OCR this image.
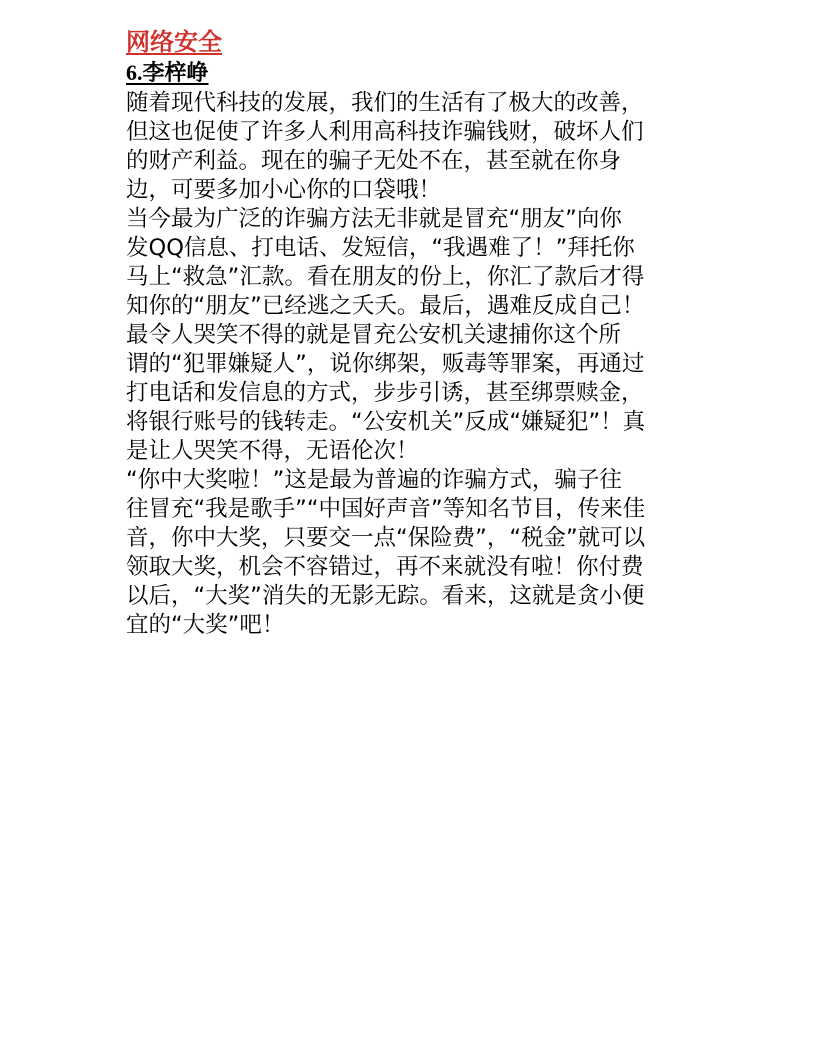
网络安全
6.李梓峥

随着现代科技的发展，我们的生活有了极大的改善，
但这也促使了许多人利用高科技诈骗钱财，破坏人们
的财产利益。现在的骗子无处不在，甚至就在你身
边，可要多加小心你的口袋哦！

当今最为广泛的诈骗方法无非就是冒充“朋友”向你
发QQ信息、打电话、发短信，“我遇难了！”拜托你
马上“救急”汇款。看在朋友的份上，你汇了款后才得
知你的“朋友”已经逃之夭夭。最后，遇难反成自己！

最令人哭笑不得的就是冒充公安机关逮捕你这个所
谓的“犯罪嫌疑人”，说你绑架，贩毒等罪案，再通过
打电话和发信息的方式，步步引诱，甚至绑票赎金，
将银行账号的钱转走。“公安机关”反成“嫌疑犯”！真
是让人哭笑不得，无语伦次！

“你中大奖啦！”这是最为普遍的诈骗方式，骗子往
往冒充“我是歌手”“中国好声音”等知名节目，传来佳
音，你中大奖，只要交一点“保险费”，“税金”就可以
领取大奖，机会不容错过，再不来就没有啦！你付费
以后，“大奖”消失的无影无踪。看来，这就是贪小便
宜的“大奖”吧！
